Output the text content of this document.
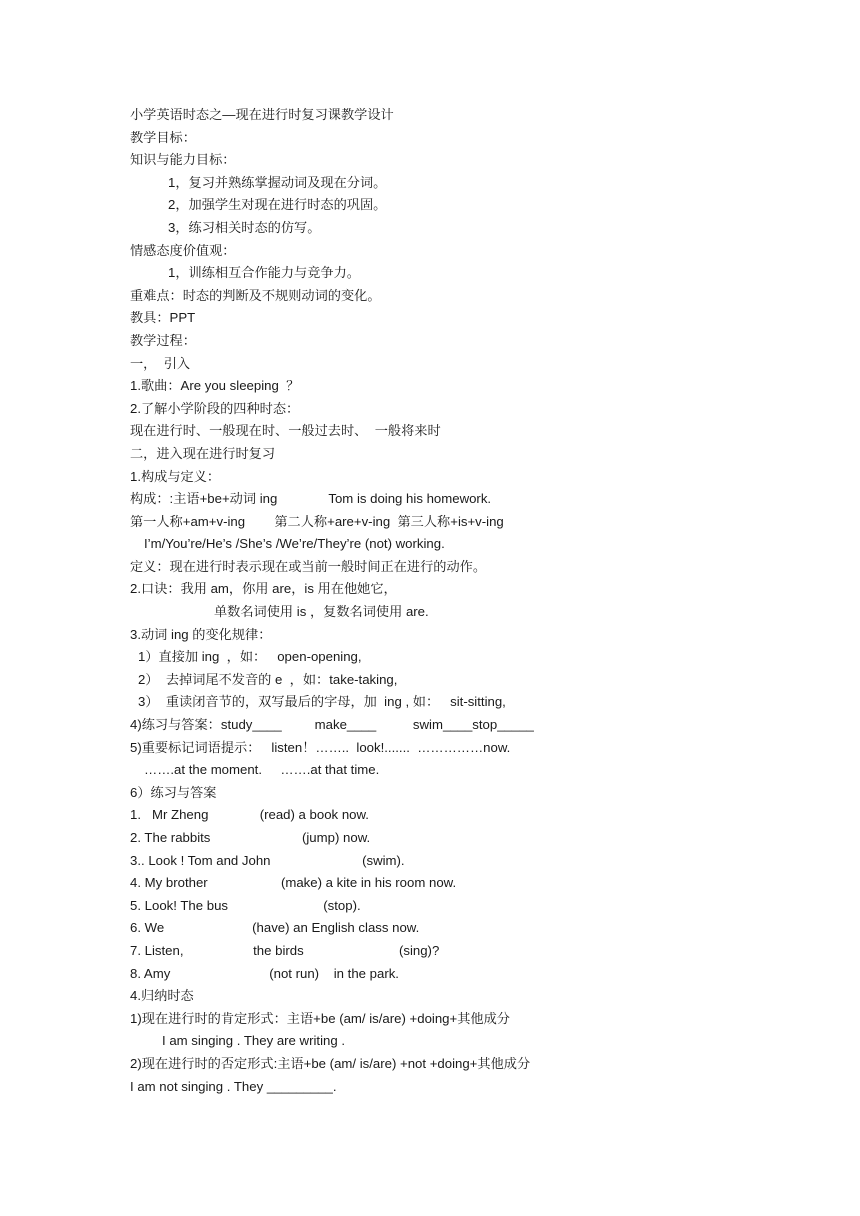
小学英语时态之—现在进行时复习课教学设计
教学目标：
知识与能力目标：
1，复习并熟练掌握动词及现在分词。
2，加强学生对现在进行时态的巩固。
3，练习相关时态的仿写。
情感态度价值观：
1，训练相互合作能力与竞争力。
重难点：时态的判断及不规则动词的变化。
教具：PPT
教学过程：
一，  引入
1.歌曲：Are you sleeping  ？
2.了解小学阶段的四种时态：
现在进行时、一般现在时、一般过去时、  一般将来时
二，进入现在进行时复习
1.构成与定义：
构成：:主语+be+动词 ing              Tom is doing his homework.
第一人称+am+v-ing        第二人称+are+v-ing  第三人称+is+v-ing
I’m/You’re/He’s /She’s /We’re/They’re (not) working.
定义：现在进行时表示现在或当前一般时间正在进行的动作。
2.口诀：我用 am，你用 are，is 用在他她它，
单数名词使用 is ，复数名词使用 are.
3.动词 ing 的变化规律：
1）直接加 ing  ，如：   open-opening,
2）  去掉词尾不发音的 e  ，如：take-taking,
3）  重读闭音节的，双写最后的字母，加  ing , 如：   sit-sitting,
4)练习与答案：study____         make____          swim____stop_____
5)重要标记词语提示：   listen！……..  look!.......  ……………now.
…….at the moment.     …….at that time.
6）练习与答案
1.   Mr Zheng              (read) a book now.
2. The rabbits                         (jump) now.
3.. Look ! Tom and John                         (swim).
4. My brother                    (make) a kite in his room now.
5. Look! The bus                          (stop).
6. We                        (have) an English class now.
7. Listen,                   the birds                          (sing)?
8. Amy                           (not run)    in the park.
4.归纳时态
1)现在进行时的肯定形式：主语+be (am/ is/are) +doing+其他成分
I am singing . They are writing .
2)现在进行时的否定形式:主语+be (am/ is/are) +not +doing+其他成分
I am not singing . They _________.
